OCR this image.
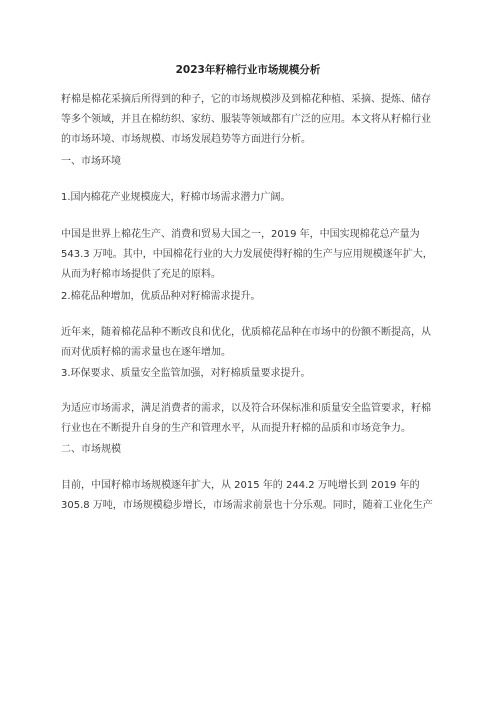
2023年籽棉行业市场规模分析
籽棉是棉花采摘后所得到的种子，它的市场规模涉及到棉花种植、采摘、提炼、储存
等多个领域，并且在棉纺织、家纺、服装等领域都有广泛的应用。本文将从籽棉行业
的市场环境、市场规模、市场发展趋势等方面进行分析。
一、市场环境
1.国内棉花产业规模庞大，籽棉市场需求潜力广阔。
中国是世界上棉花生产、消费和贸易大国之一，2019 年，中国实现棉花总产量为
543.3 万吨。其中，中国棉花行业的大力发展使得籽棉的生产与应用规模逐年扩大，
从而为籽棉市场提供了充足的原料。
2.棉花品种增加，优质品种对籽棉需求提升。
近年来，随着棉花品种不断改良和优化，优质棉花品种在市场中的份额不断提高，从
而对优质籽棉的需求量也在逐年增加。
3.环保要求、质量安全监管加强，对籽棉质量要求提升。
为适应市场需求，满足消费者的需求，以及符合环保标准和质量安全监管要求，籽棉
行业也在不断提升自身的生产和管理水平，从而提升籽棉的品质和市场竞争力。
二、市场规模
目前，中国籽棉市场规模逐年扩大，从 2015 年的 244.2 万吨增长到 2019 年的
305.8 万吨，市场规模稳步增长，市场需求前景也十分乐观。同时，随着工业化生产
